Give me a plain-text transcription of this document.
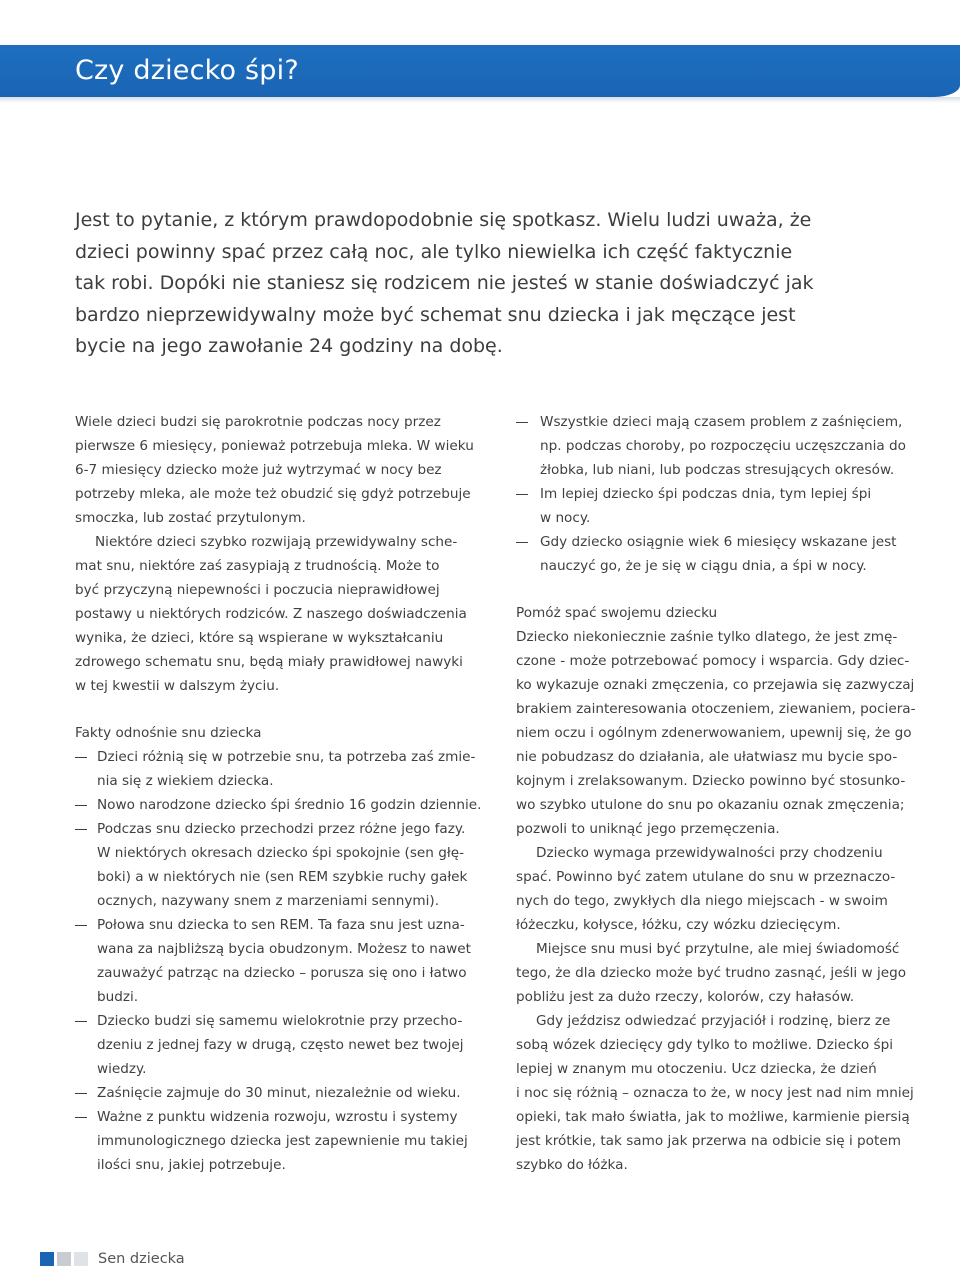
Czy dziecko śpi?

Jest to pytanie, z którym prawdopodobnie się spotkasz. Wielu ludzi uważa, że
dzieci powinny spać przez całą noc, ale tylko niewielka ich część faktycznie
tak robi. Dopóki nie staniesz się rodzicem nie jesteś w stanie doświadczyć jak
bardzo nieprzewidywalny może być schemat snu dziecka i jak męczące jest
bycie na jego zawołanie 24 godziny na dobę.

Wiele dzieci budzi się parokrotnie podczas nocy przez
pierwsze 6 miesięcy, ponieważ potrzebuja mleka. W wieku
6-7 miesięcy dziecko może już wytrzymać w nocy bez
potrzeby mleka, ale może też obudzić się gdyż potrzebuje
smoczka, lub zostać przytulonym.
Niektóre dzieci szybko rozwijają przewidywalny sche-
mat snu, niektóre zaś zasypiają z trudnością. Może to
być przyczyną niepewności i poczucia nieprawidłowej
postawy u niektórych rodziców. Z naszego doświadczenia
wynika, że dzieci, które są wspierane w wykształcaniu
zdrowego schematu snu, będą miały prawidłowej nawyki
w tej kwestii w dalszym życiu.
Fakty odnośnie snu dziecka
Dzieci różnią się w potrzebie snu, ta potrzeba zaś zmie-
nia się z wiekiem dziecka.
Nowo narodzone dziecko śpi średnio 16 godzin dziennie.
Podczas snu dziecko przechodzi przez różne jego fazy.
W niektórych okresach dziecko śpi spokojnie (sen głę-
boki) a w niektórych nie (sen REM szybkie ruchy gałek
ocznych, nazywany snem z marzeniami sennymi).
Połowa snu dziecka to sen REM. Ta faza snu jest uzna-
wana za najbliższą bycia obudzonym. Możesz to nawet
zauważyć patrząc na dziecko – porusza się ono i łatwo
budzi.
Dziecko budzi się samemu wielokrotnie przy przecho-
dzeniu z jednej fazy w drugą, często newet bez twojej
wiedzy.
Zaśnięcie zajmuje do 30 minut, niezależnie od wieku.
Ważne z punktu widzenia rozwoju, wzrostu i systemy
immunologicznego dziecka jest zapewnienie mu takiej
ilości snu, jakiej potrzebuje.
Wszystkie dzieci mają czasem problem z zaśnięciem,
np. podczas choroby, po rozpoczęciu uczęszczania do
żłobka, lub niani, lub podczas stresujących okresów.
Im lepiej dziecko śpi podczas dnia, tym lepiej śpi
w nocy.
Gdy dziecko osiągnie wiek 6 miesięcy wskazane jest
nauczyć go, że je się w ciągu dnia, a śpi w nocy.
Pomóż spać swojemu dziecku
Dziecko niekoniecznie zaśnie tylko dlatego, że jest zmę-
czone - może potrzebować pomocy i wsparcia. Gdy dziec-
ko wykazuje oznaki zmęczenia, co przejawia się zazwyczaj
brakiem zainteresowania otoczeniem, ziewaniem, pociera-
niem oczu i ogólnym zdenerwowaniem, upewnij się, że go
nie pobudzasz do działania, ale ułatwiasz mu bycie spo-
kojnym i zrelaksowanym. Dziecko powinno być stosunko-
wo szybko utulone do snu po okazaniu oznak zmęczenia;
pozwoli to uniknąć jego przemęczenia.
Dziecko wymaga przewidywalności przy chodzeniu
spać. Powinno być zatem utulane do snu w przeznaczo-
nych do tego, zwykłych dla niego miejscach - w swoim
łóżeczku, kołysce, łóżku, czy wózku dziecięcym.
Miejsce snu musi być przytulne, ale miej świadomość
tego, że dla dziecko może być trudno zasnąć, jeśli w jego
pobliżu jest za dużo rzeczy, kolorów, czy hałasów.
Gdy jeździsz odwiedzać przyjaciół i rodzinę, bierz ze
sobą wózek dziecięcy gdy tylko to możliwe. Dziecko śpi
lepiej w znanym mu otoczeniu. Ucz dziecka, że dzień
i noc się różnią – oznacza to że, w nocy jest nad nim mniej
opieki, tak mało światła, jak to możliwe, karmienie piersią
jest krótkie, tak samo jak przerwa na odbicie się i potem
szybko do łóżka.
Sen dziecka
